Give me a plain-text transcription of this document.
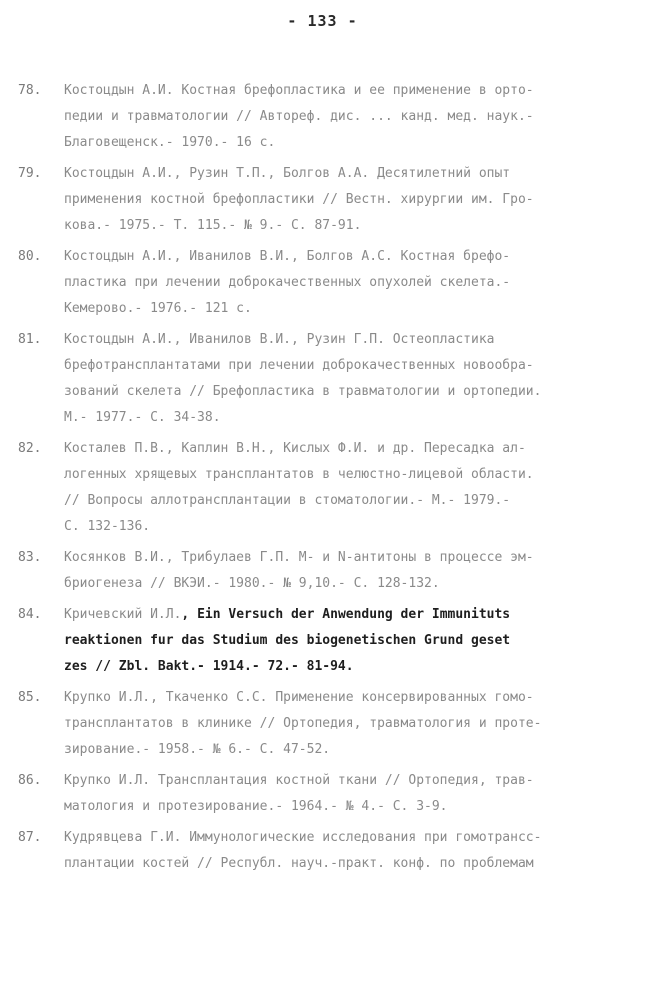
- 133 -
78.	Костоцдын А.И. Костная брефопластика и ее применение в орто-
педии и травматологии // Автореф. дис. ... канд. мед. наук.-
Благовещенск.- 1970.- 16 с.
79.	Костоцдын А.И., Рузин Т.П., Болгов А.А. Десятилетний опыт
применения костной брефопластики // Вестн. хирургии им. Гро-
кова.- 1975.- Т. 115.- № 9.- С. 87-91.
80.	Костоцдын А.И., Иванилов В.И., Болгов А.С. Костная брефо-
пластика при лечении доброкачественных опухолей скелета.-
Кемерово.- 1976.- 121 с.
81.	Костоцдын А.И., Иванилов В.И., Рузин Г.П. Остеопластика
брефотрансплантатами при лечении доброкачественных новообра-
зований скелета // Брефопластика в травматологии и ортопедии.
М.- 1977.- С. 34-38.
82.	Косталев П.В., Каплин В.Н., Кислых Ф.И. и др. Пересадка ал-
логенных хрящевых трансплантатов в челюстно-лицевой области.
// Вопросы аллотрансплантации в стоматологии.- М.- 1979.-
С. 132-136.
83.	Косянков В.И., Трибулаев Г.П. М- и N-антитоны в процессе эм-
бриогенеза // ВКЭИ.- 1980.- № 9,10.- С. 128-132.
84.	Кричевский И.Л., Ein Versuch der Anwendung der Immunituts
reaktionen fur das Studium des biogenetischen Grund geset
zes // Zbl. Bakt.- 1914.- 72.- 81-94.
85.	Крупко И.Л., Ткаченко С.С. Применение консервированных гомо-
трансплантатов в клинике // Ортопедия, травматология и проте-
зирование.- 1958.- № 6.- С. 47-52.
86.	Крупко И.Л. Трансплантация костной ткани // Ортопедия, трав-
матология и протезирование.- 1964.- № 4.- С. 3-9.
87.	Кудрявцева Г.И. Иммунологические исследования при гомотрансс-
плантации костей // Республ. науч.-практ. конф. по проблемам
